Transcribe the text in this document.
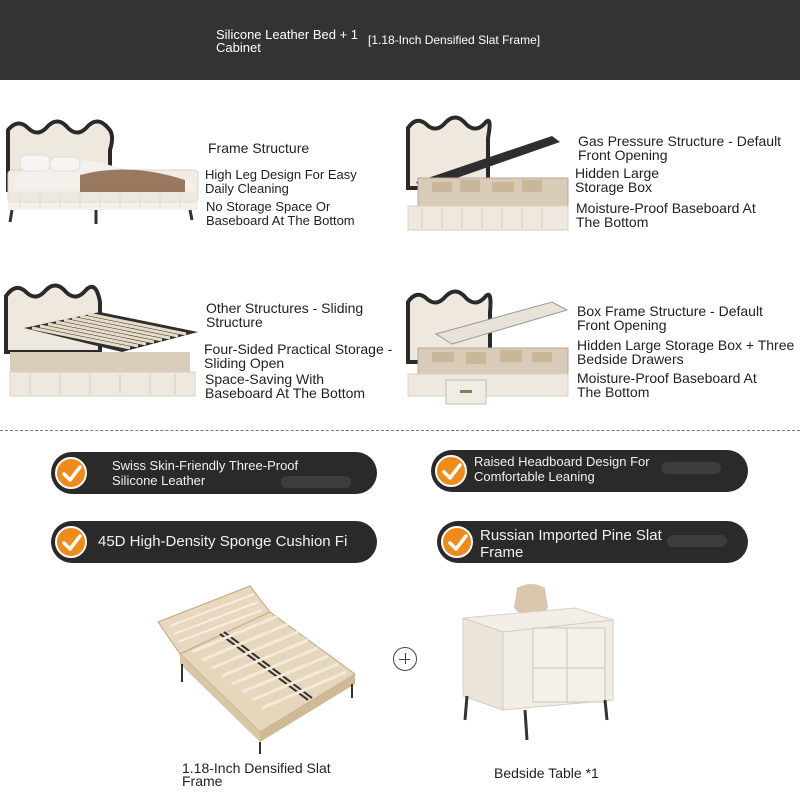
Silicone Leather Bed + 1 Cabinet	[1.18-Inch Densified Slat Frame]
Frame Structure
High Leg Design For Easy Daily Cleaning
No Storage Space Or Baseboard At The Bottom
Gas Pressure Structure - Default Front Opening
Hidden Large Storage Box
Moisture-Proof Baseboard At The Bottom
Other Structures - Sliding Structure
Four-Sided Practical Storage - Sliding Open
Space-Saving With Baseboard At The Bottom
Box Frame Structure - Default Front Opening
Hidden Large Storage Box + Three Bedside Drawers
Moisture-Proof Baseboard At The Bottom
Swiss Skin-Friendly Three-Proof Silicone Leather
Raised Headboard Design For Comfortable Leaning
45D High-Density Sponge Cushion Fi	Russian Imported Pine Slat Frame
1.18-Inch Densified Slat Frame	Bedside Table *1
